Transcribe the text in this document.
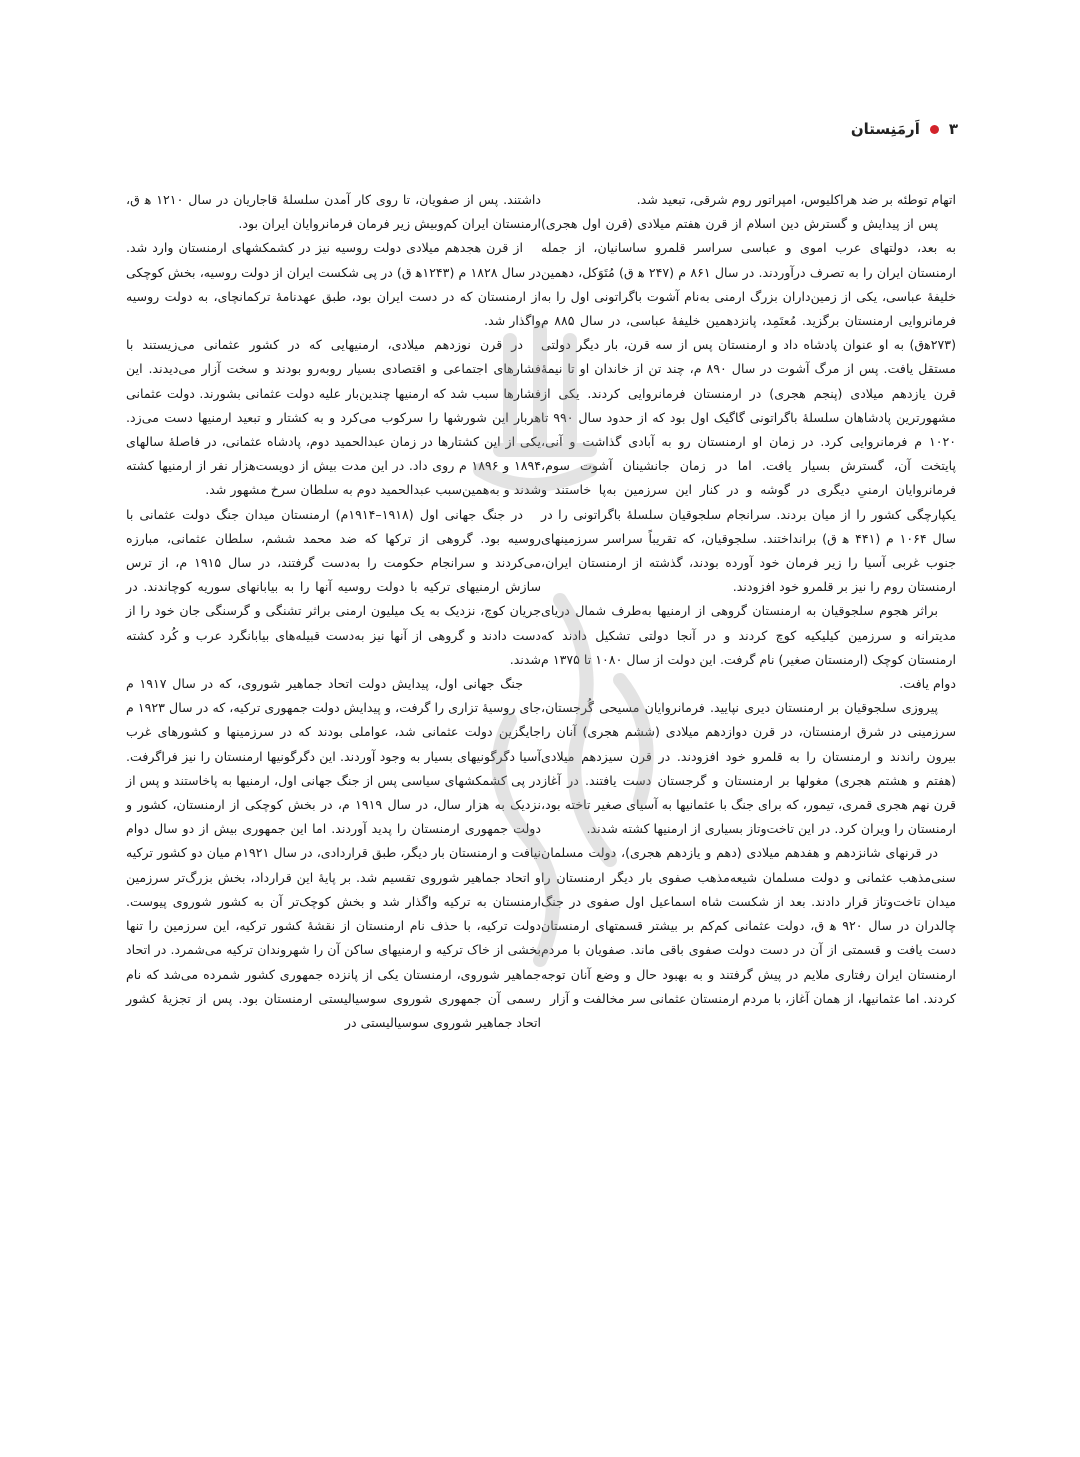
۳
اَرمَنِستان

اتهام توطئه بر ضد هراکلیوس، امپراتور روم شرقی، تبعید شد.

پس از پیدایش و گسترش دین اسلام از قرن هفتم میلادی (قرن اول هجری) به بعد، دولتهای عرب اموی و عباسی سراسر قلمرو ساسانیان، از جمله ارمنستان ایران را به تصرف درآوردند. در سال ۸۶۱ م (۲۴۷ ﻫ ق) مُتَوَکل، دهمین خلیفهٔ عباسی، یکی از زمین‌داران بزرگ ارمنی به‌نام آشوت باگراتونی اول را به فرمانروایی ارمنستان برگزید. مُعتَمِد، پانزدهمین خلیفهٔ عباسی، در سال ۸۸۵ م (۲۷۳ﻫق) به او عنوان پادشاه داد و ارمنستان پس از سه قرن، بار دیگر دولتی مستقل یافت. پس از مرگ آشوت در سال ۸۹۰ م، چند تن از خاندان او تا نیمهٔ قرن یازدهم میلادی (پنجم هجری) در ارمنستان فرمانروایی کردند. یکی از مشهورترین پادشاهان سلسلهٔ باگراتونی گاگیک اول بود که از حدود سال ۹۹۰ تا ۱۰۲۰ م فرمانروایی کرد. در زمان او ارمنستان رو به آبادی گذاشت و آنی، پایتخت آن، گسترش بسیار یافت. اما در زمان جانشینان آشوت سوم، فرمانروایان ارمنیِ دیگری در گوشه و در کنار این سرزمین به‌پا خاستند و یکپارچگی کشور را از میان بردند. سرانجام سلجوقیان سلسلهٔ باگراتونی را در سال ۱۰۶۴ م (۴۴۱ ﻫ ق) برانداختند. سلجوقیان، که تقریباً سراسر سرزمینهای جنوب غربی آسیا را زیر فرمان خود آورده بودند، گذشته از ارمنستان ایران، ارمنستان روم را نیز بر قلمرو خود افزودند.

براثر هجوم سلجوقیان به ارمنستان گروهی از ارمنیها به‌طرف شمال دریای مدیترانه و سرزمین کیلیکیه کوچ کردند و در آنجا دولتی تشکیل دادند که ارمنستان کوچک (ارمنستان صغیر) نام گرفت. این دولت از سال ۱۰۸۰ تا ۱۳۷۵ م دوام یافت.

پیروزی سلجوقیان بر ارمنستان دیری نپایید. فرمانروایان مسیحی گُرجستان، سرزمینی در شرق ارمنستان، در قرن دوازدهم میلادی (ششم هجری) آنان را بیرون راندند و ارمنستان را به قلمرو خود افزودند. در قرن سیزدهم میلادی (هفتم و هشتم هجری) مغولها بر ارمنستان و گرجستان دست یافتند. در آغاز قرن نهم هجری قمری، تیمور، که برای جنگ با عثمانیها به آسیای صغیر تاخته بود، ارمنستان را ویران کرد. در این تاخت‌وتاز بسیاری از ارمنیها کشته شدند.

در قرنهای شانزدهم و هفدهم میلادی (دهم و یازدهم هجری)، دولت مسلمان سنی‌مذهب عثمانی و دولت مسلمان شیعه‌مذهب صفوی بار دیگر ارمنستان را میدان تاخت‌وتاز قرار دادند. بعد از شکست شاه اسماعیل اول صفوی در جنگ چالدران در سال ۹۲۰ ﻫ ق، دولت عثمانی کم‌کم بر بیشتر قسمتهای ارمنستان دست یافت و قسمتی از آن در دست دولت صفوی باقی ماند. صفویان با مردم ارمنستان ایران رفتاری ملایم در پیش گرفتند و به بهبود حال و وضع آنان توجه کردند. اما عثمانیها، از همان آغاز، با مردم ارمنستان عثمانی سر مخالفت و آزار

داشتند. پس از صفویان، تا روی کار آمدن سلسلهٔ قاجاریان در سال ۱۲۱۰ ﻫ ق، ارمنستان ایران کم‌وبیش زیر فرمان فرمانروایان ایران بود.

از قرن هجدهم میلادی دولت روسیه نیز در کشمکشهای ارمنستان وارد شد. در سال ۱۸۲۸ م (۱۲۴۳ﻫ ق) در پی شکست ایران از دولت روسیه، بخش کوچکی از ارمنستان که در دست ایران بود، طبق عهدنامهٔ ترکمانچای، به دولت روسیه واگذار شد.

در قرن نوزدهم میلادی، ارمنیهایی که در کشور عثمانی می‌زیستند با فشارهای اجتماعی و اقتصادی بسیار روبه‌رو بودند و سخت آزار می‌دیدند. این فشارها سبب شد که ارمنیها چندین‌بار علیه دولت عثمانی بشورند. دولت عثمانی هربار این شورشها را سرکوب می‌کرد و به کشتار و تبعید ارمنیها دست می‌زد. یکی از این کشتارها در زمان عبدالحمید دوم، پادشاه عثمانی، در فاصلهٔ سالهای ۱۸۹۴ و ۱۸۹۶ م روی داد. در این مدت بیش از دویست‌هزار نفر از ارمنیها کشته شدند و به‌همین‌سبب عبدالحمید دوم به سلطان سرخ مشهور شد.

در جنگ جهانی اول (۱۹۱۸–۱۹۱۴م) ارمنستان میدان جنگ دولت عثمانی با روسیه بود. گروهی از ترکها که ضد محمد ششم، سلطان عثمانی، مبارزه می‌کردند و سرانجام حکومت را به‌دست گرفتند، در سال ۱۹۱۵ م، از ترس سازش ارمنیهای ترکیه با دولت روسیه آنها را به بیابانهای سوریه کوچاندند. در جریان کوچ، نزدیک به یک میلیون ارمنی براثر تشنگی و گرسنگی جان خود را از دست دادند و گروهی از آنها نیز به‌دست قبیله‌های بیابانگرد عرب و کُرد کشته شدند.

جنگ جهانی اول، پیدایش دولت اتحاد جماهیر شوروی، که در سال ۱۹۱۷ م جای روسیهٔ تزاری را گرفت، و پیدایش دولت جمهوری ترکیه، که در سال ۱۹۲۳ م جایگزین دولت عثمانی شد، عواملی بودند که در سرزمینها و کشورهای غرب آسیا دگرگونیهای بسیار به وجود آوردند. این دگرگونیها ارمنستان را نیز فراگرفت. در پی کشمکشهای سیاسی پس از جنگ جهانی اول، ارمنیها به پاخاستند و پس از نزدیک به هزار سال، در سال ۱۹۱۹ م، در بخش کوچکی از ارمنستان، کشور و دولت جمهوری ارمنستان را پدید آوردند. اما این جمهوری بیش از دو سال دوام نیافت و ارمنستان بار دیگر، طبق قراردادی، در سال ۱۹۲۱م میان دو کشور ترکیه و اتحاد جماهیر شوروی تقسیم شد. بر پایهٔ این قرارداد، بخش بزرگ‌تر سرزمین ارمنستان به ترکیه واگذار شد و بخش کوچک‌تر آن به کشور شوروی پیوست. دولت ترکیه، با حذف نام ارمنستان از نقشهٔ کشور ترکیه، این سرزمین را تنها بخشی از خاک ترکیه و ارمنیهای ساکن آن را شهروندان ترکیه می‌شمرد. در اتحاد جماهیر شوروی، ارمنستان یکی از پانزده جمهوری کشور شمرده می‌شد که نام رسمی آن جمهوری شوروی سوسیالیستی ارمنستان بود. پس از تجزیهٔ کشور اتحاد جماهیر شوروی سوسیالیستی در
